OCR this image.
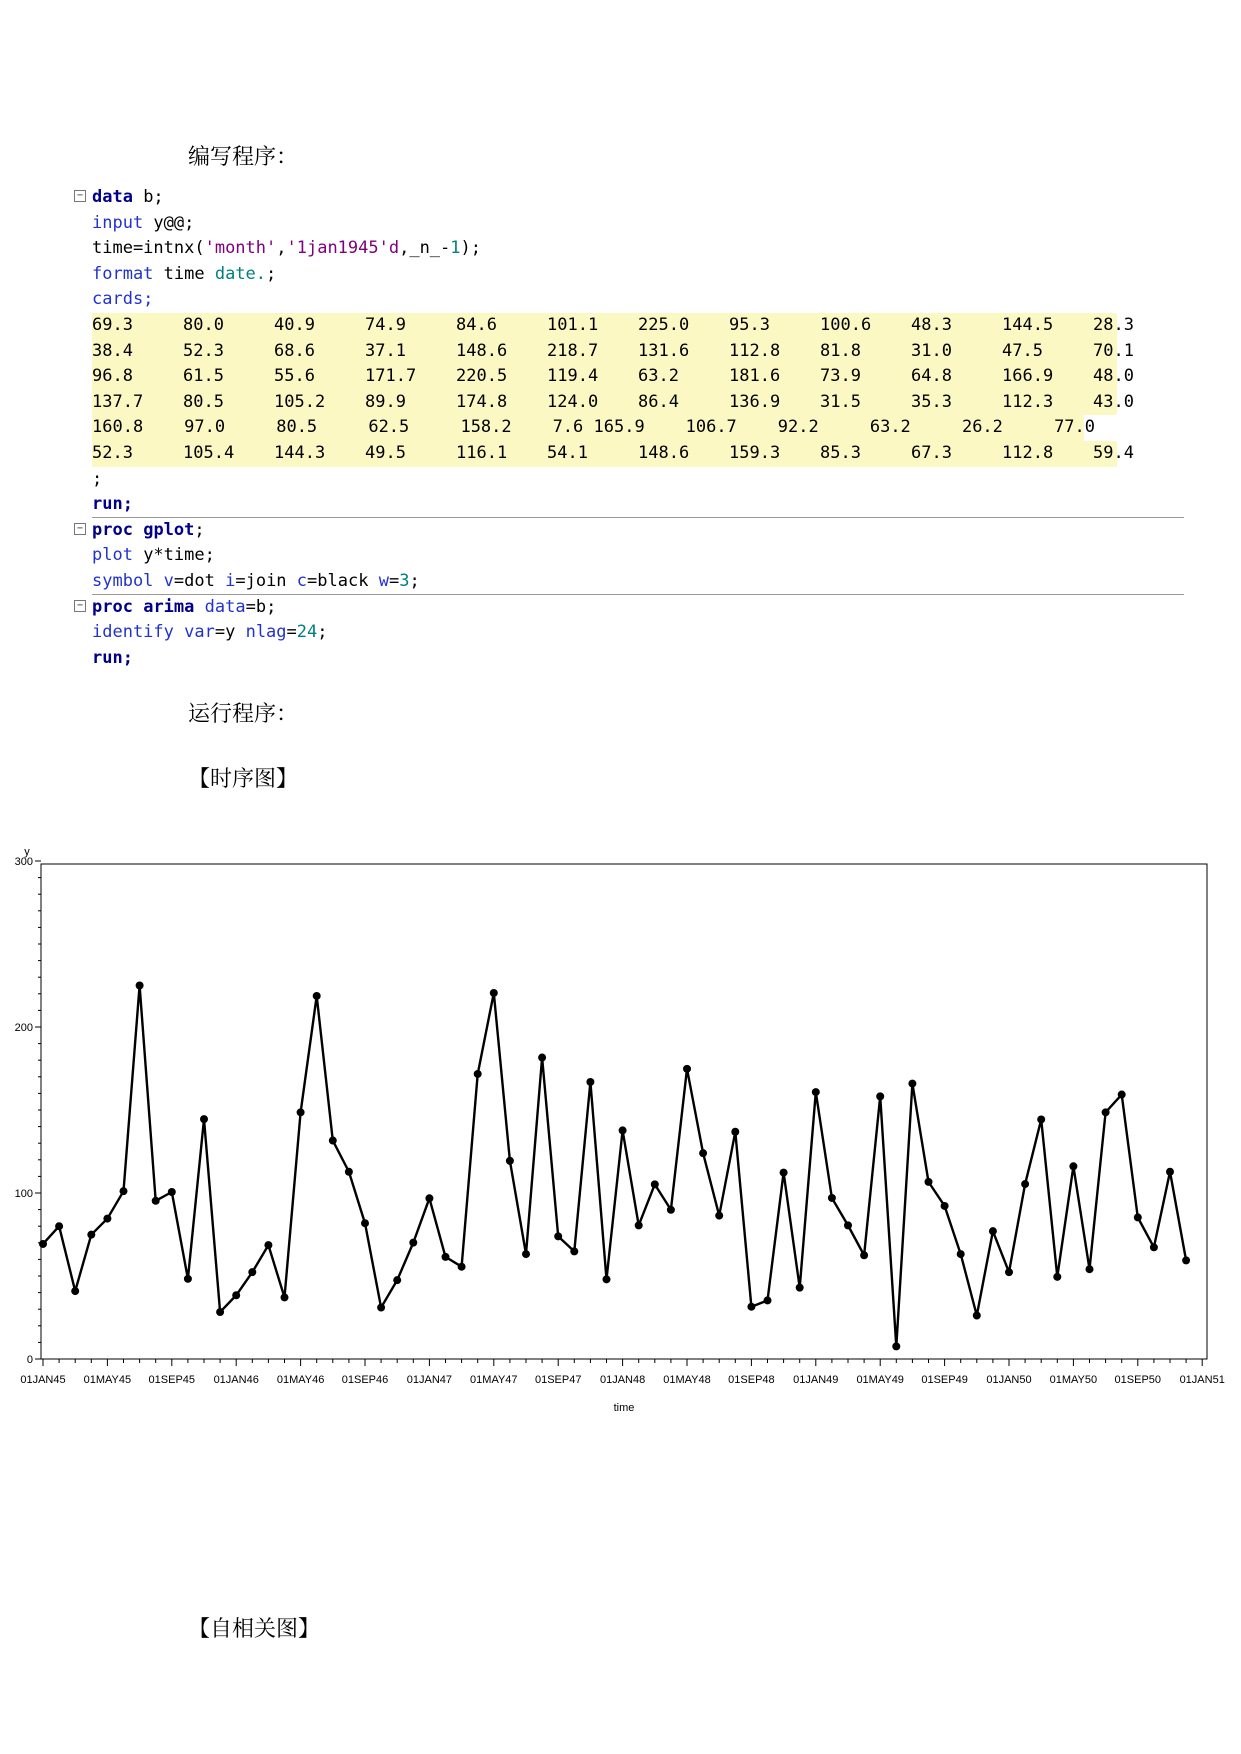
编写程序：
− data b;
input y@@;
time=intnx('month','1jan1945'd,_n_-1);
format time date.;
cards;
69.3	80.0	40.9	74.9	84.6	101.1 225.0 95.3	100.6 48.3	144.5 28.3
38.4	52.3	68.6	37.1	148.6 218.7 131.6 112.8 81.8	31.0	47.5	70.1
96.8	61.5	55.6	171.7 220.5 119.4 63.2	181.6 73.9	64.8	166.9 48.0
137.7 80.5	105.2 89.9	174.8 124.0 86.4	136.9 31.5	35.3	112.3 43.0
160.8    97.0     80.5     62.5     158.2    7.6 165.9    106.7    92.2     63.2     26.2     77.0
52.3	105.4 144.3 49.5	116.1 54.1	148.6 159.3 85.3	67.3	112.8 59.4
;
run;
− proc gplot;
plot y*time;
symbol v=dot i=join c=black w=3;
− proc arima data=b;
identify var=y nlag=24;
run;
运行程序：
【时序图】
0
100
200
300
y
01JAN45 01MAY45 01SEP45 01JAN46 01MAY46 01SEP46 01JAN47 01MAY47 01SEP47 01JAN48 01MAY48 01SEP48 01JAN49 01MAY49 01SEP49 01JAN50 01MAY50 01SEP50 01JAN51
time
【自相关图】
